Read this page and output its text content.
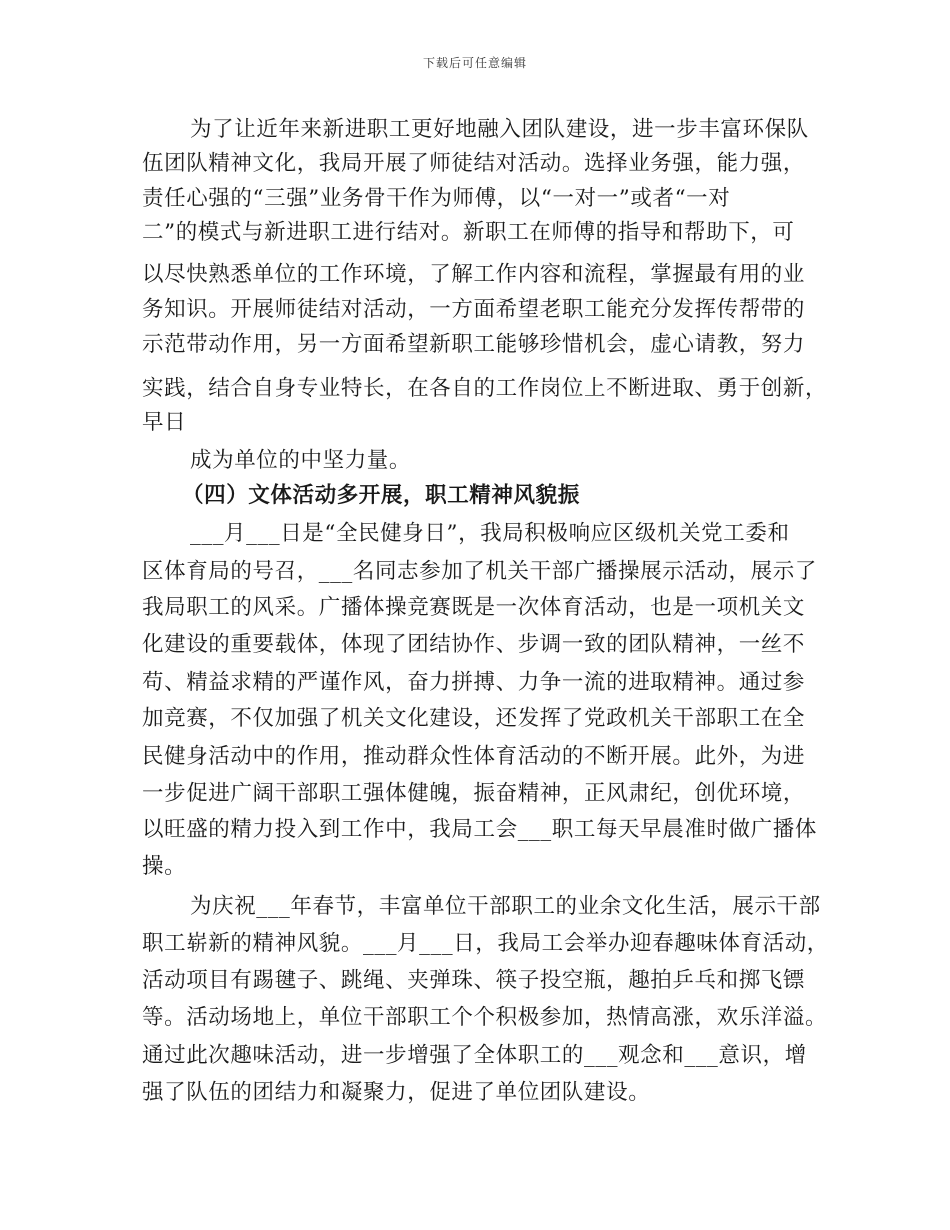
下载后可任意编辑
为了让近年来新进职工更好地融入团队建设，进一步丰富环保队
伍团队精神文化，我局开展了师徒结对活动。选择业务强，能力强，
责任心强的“三强”业务骨干作为师傅，以“一对一”或者“一对
二”的模式与新进职工进行结对。新职工在师傅的指导和帮助下，可
以尽快熟悉单位的工作环境，了解工作内容和流程，掌握最有用的业
务知识。开展师徒结对活动，一方面希望老职工能充分发挥传帮带的
示范带动作用，另一方面希望新职工能够珍惜机会，虚心请教，努力
实践，结合自身专业特长，在各自的工作岗位上不断进取、勇于创新，
早日
成为单位的中坚力量。
（四）文体活动多开展，职工精神风貌振
___月___日是“全民健身日”，我局积极响应区级机关党工委和
区体育局的号召，___名同志参加了机关干部广播操展示活动，展示了
我局职工的风采。广播体操竞赛既是一次体育活动，也是一项机关文
化建设的重要载体，体现了团结协作、步调一致的团队精神，一丝不
苟、精益求精的严谨作风，奋力拼搏、力争一流的进取精神。通过参
加竞赛，不仅加强了机关文化建设，还发挥了党政机关干部职工在全
民健身活动中的作用，推动群众性体育活动的不断开展。此外，为进
一步促进广阔干部职工强体健魄，振奋精神，正风肃纪，创优环境，
以旺盛的精力投入到工作中，我局工会___职工每天早晨准时做广播体
操。
为庆祝___年春节，丰富单位干部职工的业余文化生活，展示干部
职工崭新的精神风貌。___月___日，我局工会举办迎春趣味体育活动，
活动项目有踢毽子、跳绳、夹弹珠、筷子投空瓶，趣拍乒乓和掷飞镖
等。活动场地上，单位干部职工个个积极参加，热情高涨，欢乐洋溢。
通过此次趣味活动，进一步增强了全体职工的___观念和___意识，增
强了队伍的团结力和凝聚力，促进了单位团队建设。
